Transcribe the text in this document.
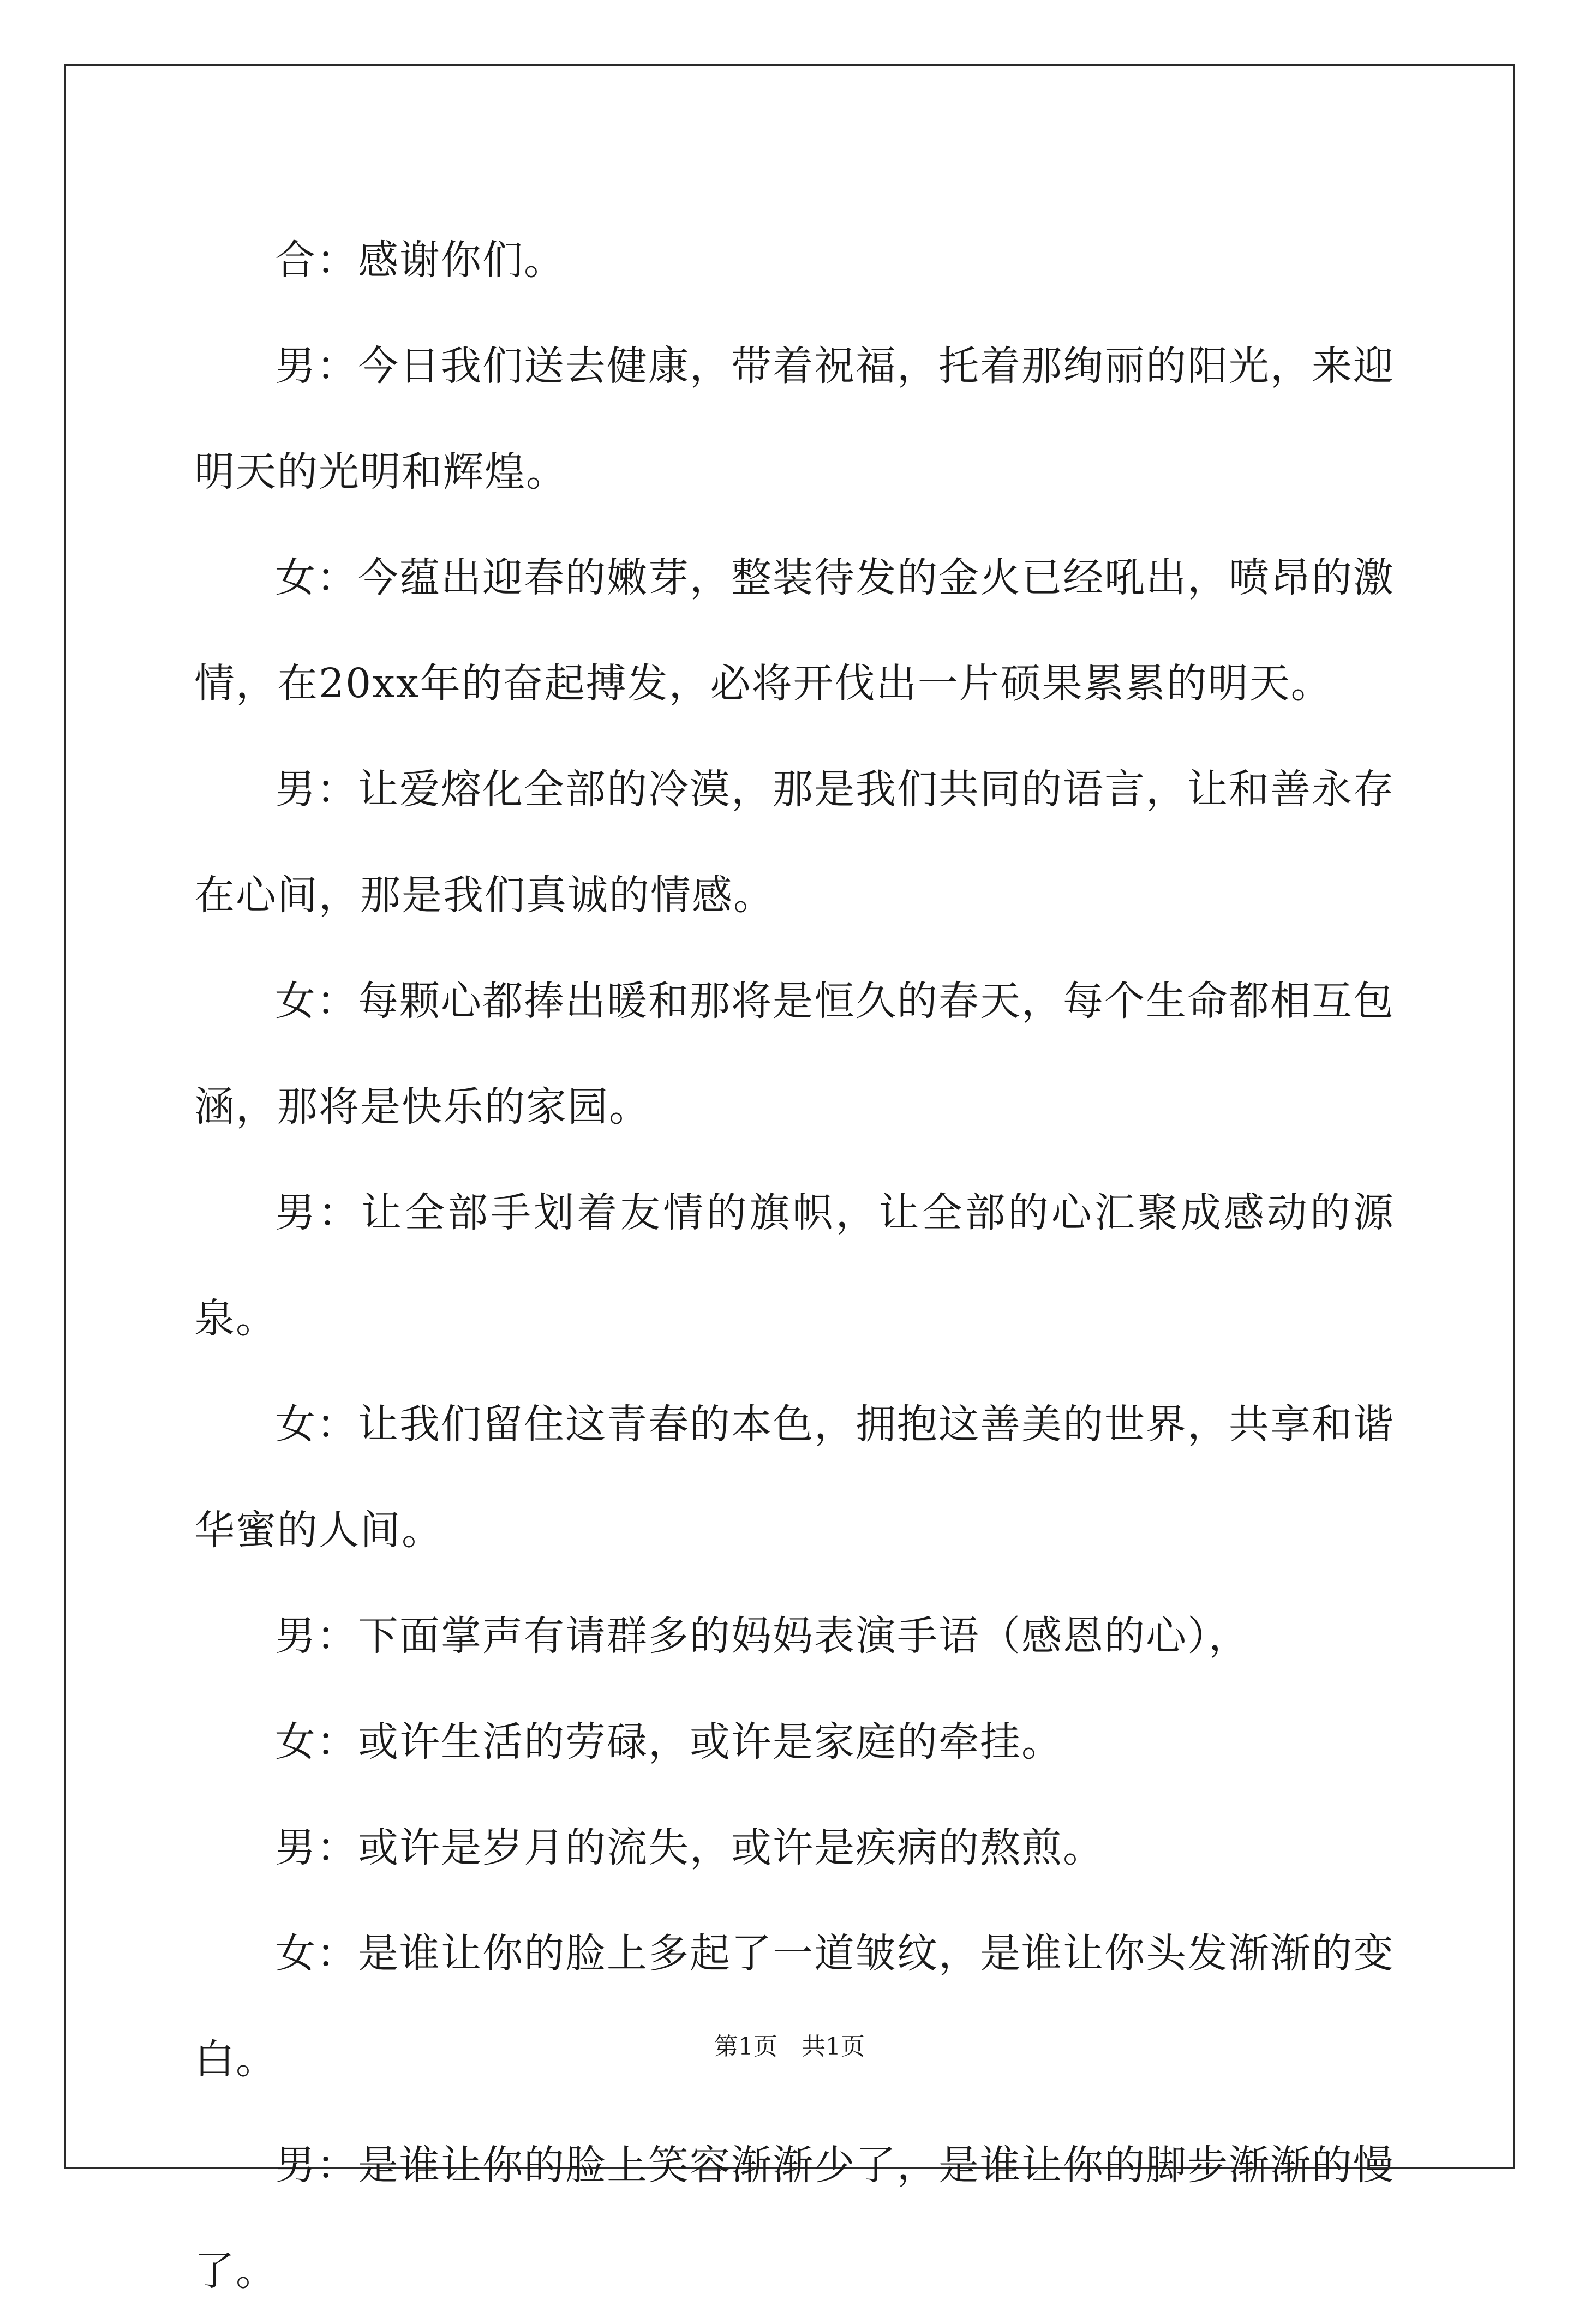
合：感谢你们。

男：今日我们送去健康，带着祝福，托着那绚丽的阳光，来迎明天的光明和辉煌。

女：今蕴出迎春的嫩芽，整装待发的金火已经吼出，喷昂的激情，在20xx年的奋起搏发，必将开伐出一片硕果累累的明天。

男：让爱熔化全部的冷漠，那是我们共同的语言，让和善永存在心间，那是我们真诚的情感。

女：每颗心都捧出暖和那将是恒久的春天，每个生命都相互包涵，那将是快乐的家园。

男：让全部手划着友情的旗帜，让全部的心汇聚成感动的源泉。

女：让我们留住这青春的本色，拥抱这善美的世界，共享和谐华蜜的人间。

男：下面掌声有请群多的妈妈表演手语（感恩的心），

女：或许生活的劳碌，或许是家庭的牵挂。

男：或许是岁月的流失，或许是疾病的熬煎。

女：是谁让你的脸上多起了一道皱纹，是谁让你头发渐渐的变白。

男：是谁让你的脸上笑容渐渐少了，是谁让你的脚步渐渐的慢了。

第1页 共1页
